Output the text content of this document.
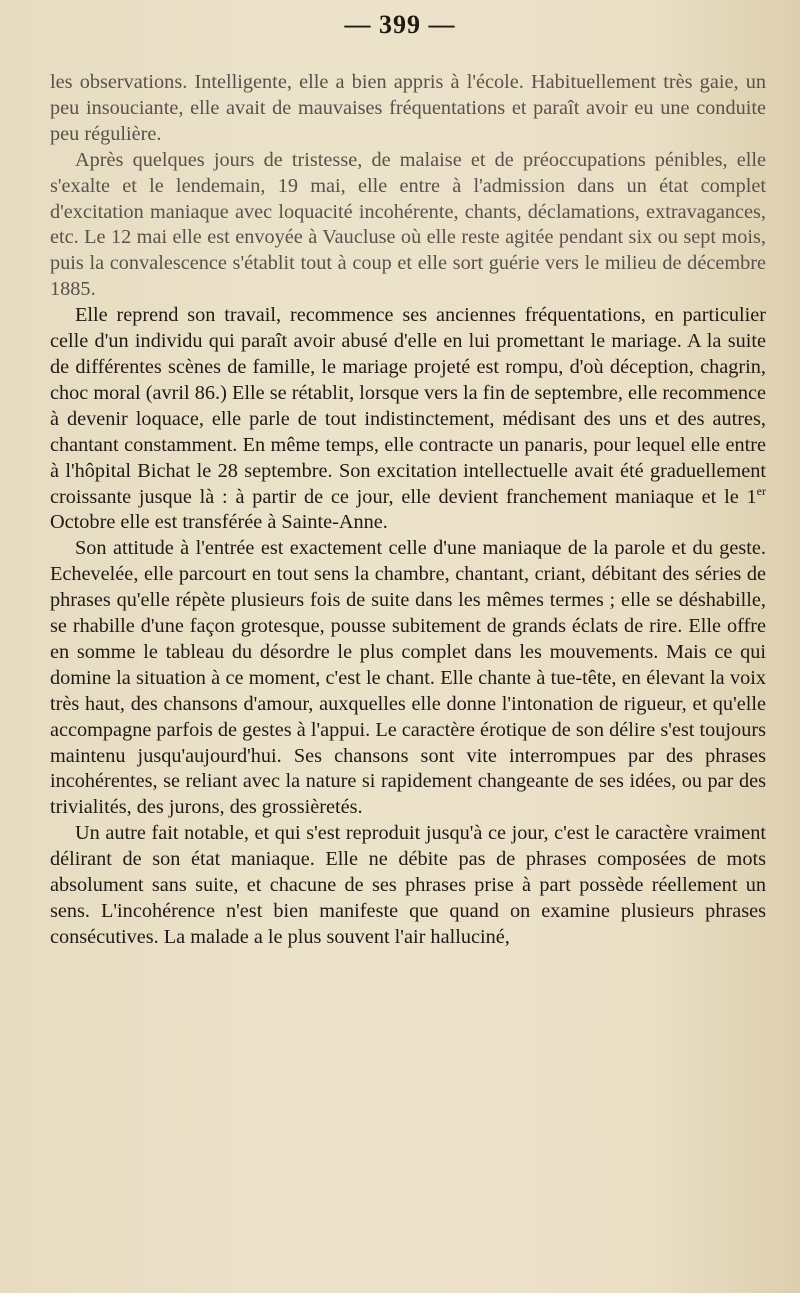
— 399 —

les observations. Intelligente, elle a bien appris à l'école. Habituellement très gaie, un peu insouciante, elle avait de mauvaises fréquentations et paraît avoir eu une conduite peu régulière.

Après quelques jours de tristesse, de malaise et de préoccupations pénibles, elle s'exalte et le lendemain, 19 mai, elle entre à l'admission dans un état complet d'excitation maniaque avec loquacité incohérente, chants, déclamations, extravagances, etc. Le 12 mai elle est envoyée à Vaucluse où elle reste agitée pendant six ou sept mois, puis la convalescence s'établit tout à coup et elle sort guérie vers le milieu de décembre 1885.

Elle reprend son travail, recommence ses anciennes fréquentations, en particulier celle d'un individu qui paraît avoir abusé d'elle en lui promettant le mariage. A la suite de différentes scènes de famille, le mariage projeté est rompu, d'où déception, chagrin, choc moral (avril 86.) Elle se rétablit, lorsque vers la fin de septembre, elle recommence à devenir loquace, elle parle de tout indistinctement, médisant des uns et des autres, chantant constamment. En même temps, elle contracte un panaris, pour lequel elle entre à l'hôpital Bichat le 28 septembre. Son excitation intellectuelle avait été graduellement croissante jusque là : à partir de ce jour, elle devient franchement maniaque et le 1er Octobre elle est transférée à Sainte-Anne.

Son attitude à l'entrée est exactement celle d'une maniaque de la parole et du geste. Echevelée, elle parcourt en tout sens la chambre, chantant, criant, débitant des séries de phrases qu'elle répète plusieurs fois de suite dans les mêmes termes ; elle se déshabille, se rhabille d'une façon grotesque, pousse subitement de grands éclats de rire. Elle offre en somme le tableau du désordre le plus complet dans les mouvements. Mais ce qui domine la situation à ce moment, c'est le chant. Elle chante à tue-tête, en élevant la voix très haut, des chansons d'amour, auxquelles elle donne l'intonation de rigueur, et qu'elle accompagne parfois de gestes à l'appui. Le caractère érotique de son délire s'est toujours maintenu jusqu'aujourd'hui. Ses chansons sont vite interrompues par des phrases incohérentes, se reliant avec la nature si rapidement changeante de ses idées, ou par des trivialités, des jurons, des grossièretés.

Un autre fait notable, et qui s'est reproduit jusqu'à ce jour, c'est le caractère vraiment délirant de son état maniaque. Elle ne débite pas de phrases composées de mots absolument sans suite, et chacune de ses phrases prise à part possède réellement un sens. L'incohérence n'est bien manifeste que quand on examine plusieurs phrases consécutives. La malade a le plus souvent l'air halluciné,
